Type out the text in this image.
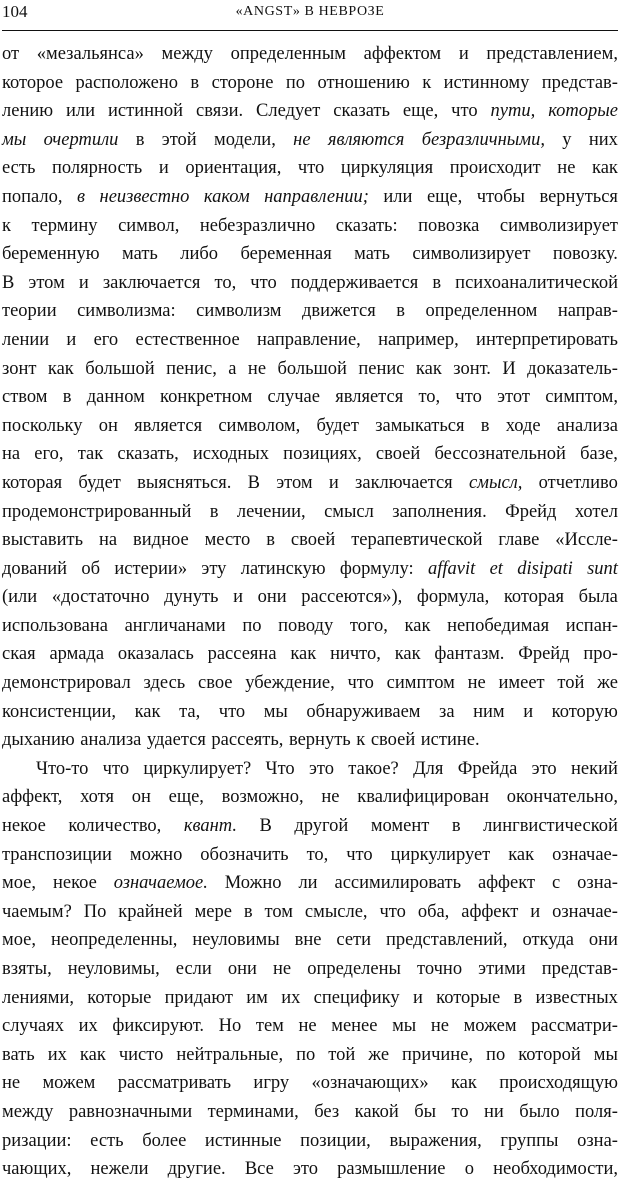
104	«ANGST» В НЕВРОЗЕ
от «мезальянса» между определенным аффектом и представлением,
которое расположено в стороне по отношению к истинному представ-
лению или истинной связи. Следует сказать еще, что пути, которые
мы очертили в этой модели, не являются безразличными, у них
есть полярность и ориентация, что циркуляция происходит не как
попало, в неизвестно каком направлении; или еще, чтобы вернуться
к термину символ, небезразлично сказать: повозка символизирует
беременную мать либо беременная мать символизирует повозку.
В этом и заключается то, что поддерживается в психоаналитической
теории символизма: символизм движется в определенном направ-
лении и его естественное направление, например, интерпретировать
зонт как большой пенис, а не большой пенис как зонт. И доказатель-
ством в данном конкретном случае является то, что этот симптом,
поскольку он является символом, будет замыкаться в ходе анализа
на его, так сказать, исходных позициях, своей бессознательной базе,
которая будет выясняться. В этом и заключается смысл, отчетливо
продемонстрированный в лечении, смысл заполнения. Фрейд хотел
выставить на видное место в своей терапевтической главе «Иссле-
дований об истерии» эту латинскую формулу: affavit et disipati sunt
(или «достаточно дунуть и они рассеются»), формула, которая была
использована англичанами по поводу того, как непобедимая испан-
ская армада оказалась рассеяна как ничто, как фантазм. Фрейд про-
демонстрировал здесь свое убеждение, что симптом не имеет той же
консистенции, как та, что мы обнаруживаем за ним и которую
дыханию анализа удается рассеять, вернуть к своей истине.
Что-то что циркулирует? Что это такое? Для Фрейда это некий
аффект, хотя он еще, возможно, не квалифицирован окончательно,
некое количество, квант. В другой момент в лингвистической
транспозиции можно обозначить то, что циркулирует как означае-
мое, некое означаемое. Можно ли ассимилировать аффект с озна-
чаемым? По крайней мере в том смысле, что оба, аффект и означае-
мое, неопределенны, неуловимы вне сети представлений, откуда они
взяты, неуловимы, если они не определены точно этими представ-
лениями, которые придают им их специфику и которые в известных
случаях их фиксируют. Но тем не менее мы не можем рассматри-
вать их как чисто нейтральные, по той же причине, по которой мы
не можем рассматривать игру «означающих» как происходящую
между равнозначными терминами, без какой бы то ни было поля-
ризации: есть более истинные позиции, выражения, группы озна-
чающих, нежели другие. Все это размышление о необходимости,
